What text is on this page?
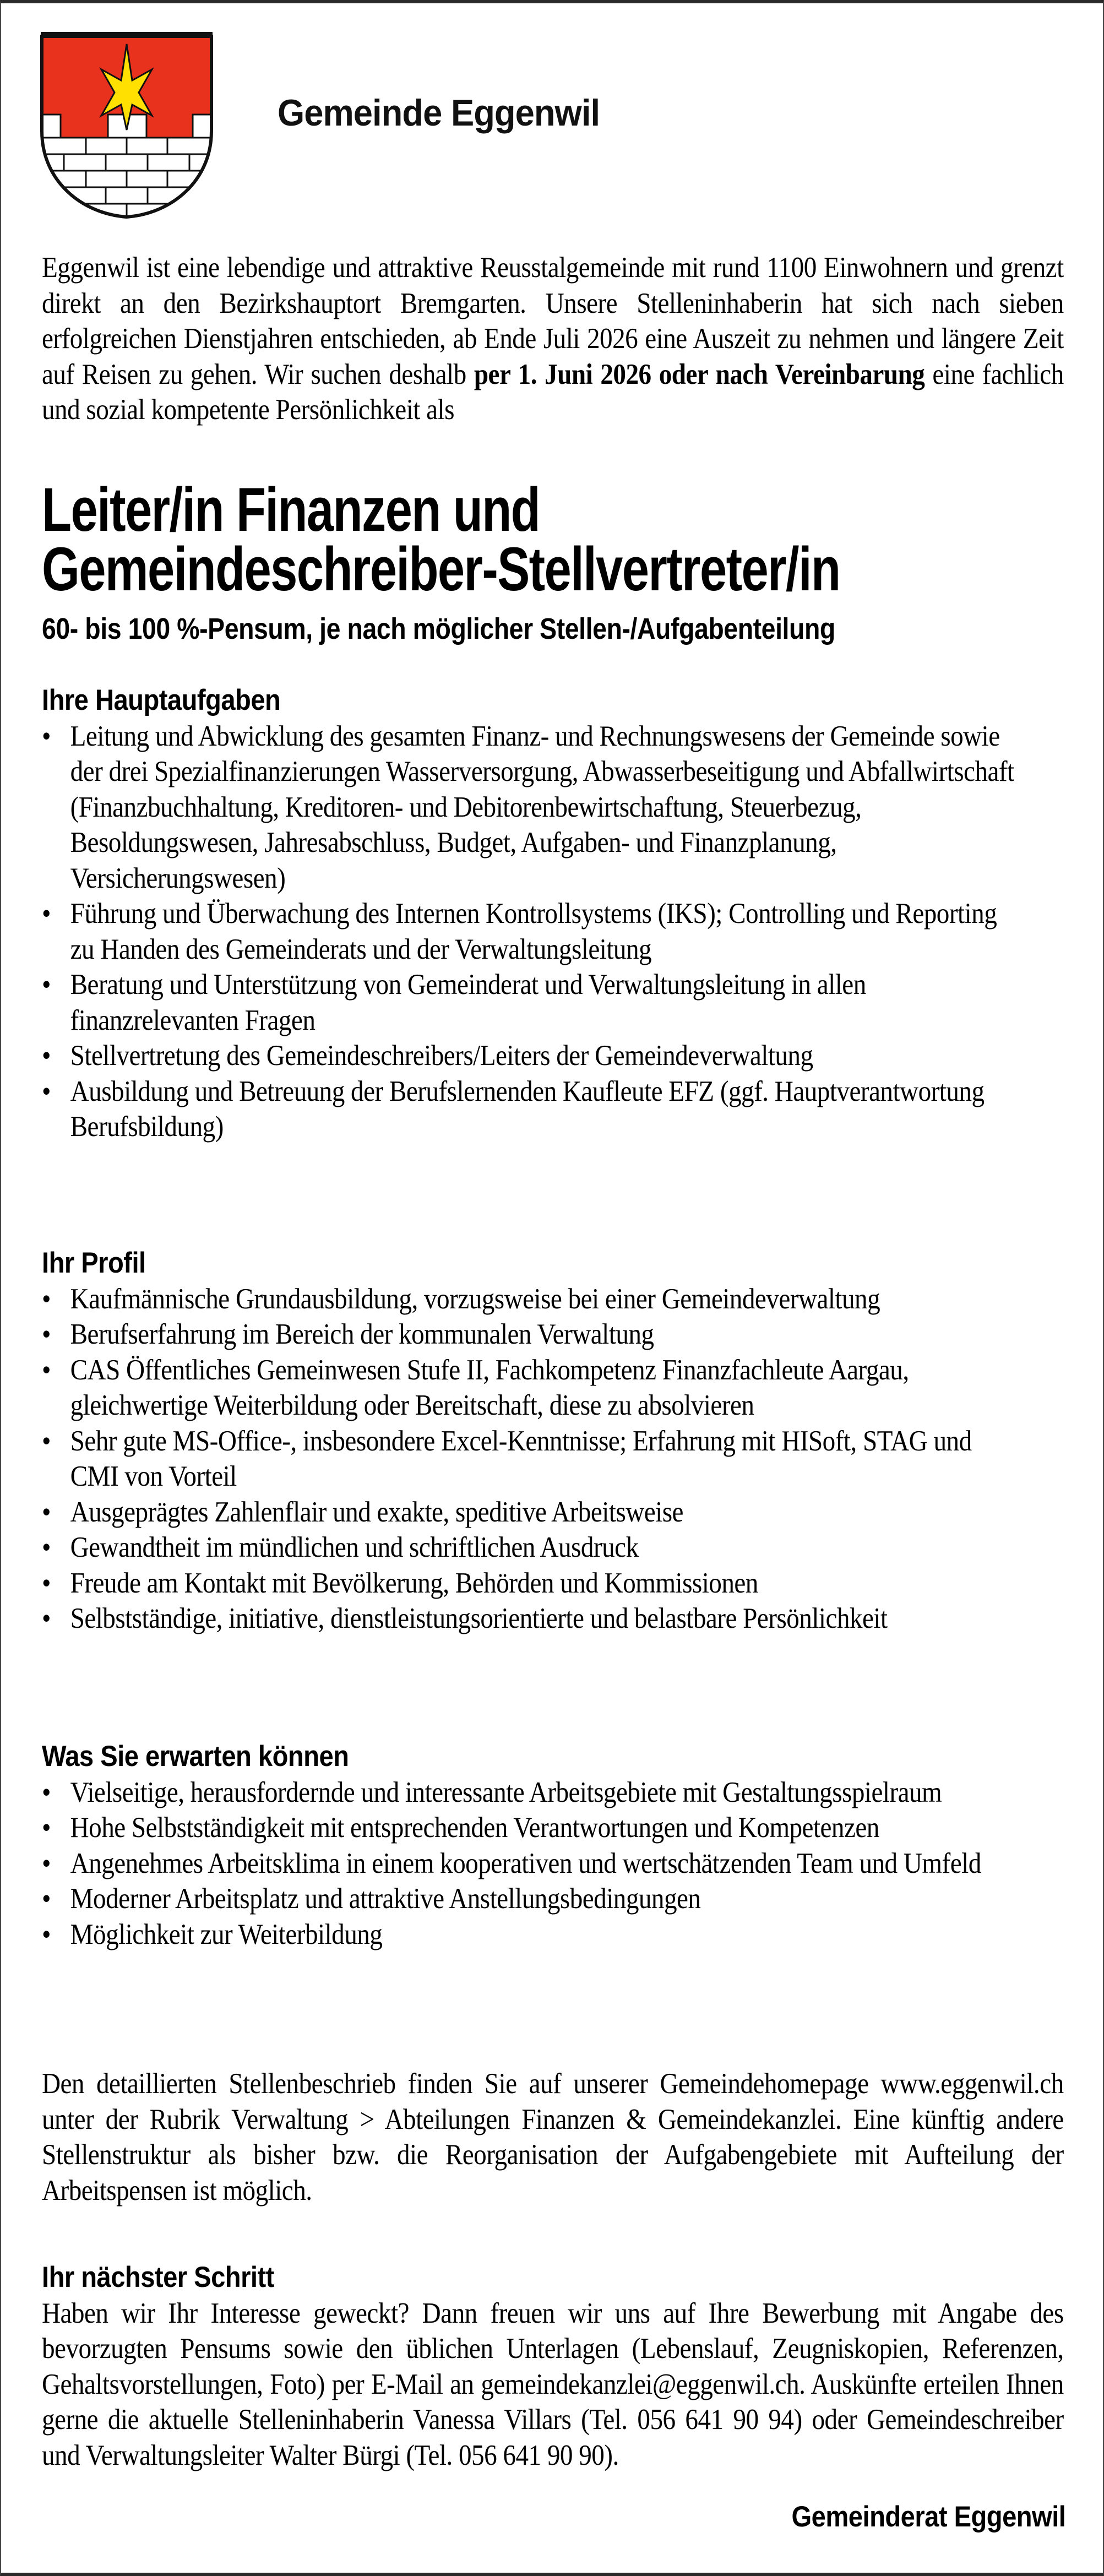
Gemeinde Eggenwil
Eggenwil ist eine lebendige und attraktive Reusstalgemeinde mit rund 1100 Einwohnern und grenzt direkt an den Bezirkshauptort Bremgarten. Unsere Stelleninhaberin hat sich nach sieben erfolgreichen Dienstjahren entschieden, ab Ende Juli 2026 eine Auszeit zu nehmen und längere Zeit auf Reisen zu gehen. Wir suchen deshalb per 1. Juni 2026 oder nach Vereinbarung eine fachlich und sozial kompetente Persönlichkeit als
Leiter/in Finanzen und
Gemeindeschreiber-Stellvertreter/in
60- bis 100 %-Pensum, je nach möglicher Stellen-/Aufgabenteilung
Ihre Hauptaufgaben
• Leitung und Abwicklung des gesamten Finanz- und Rechnungswesens der Gemeinde sowie der drei Spezialfinanzierungen Wasserversorgung, Abwasserbeseitigung und Abfallwirtschaft (Finanzbuchhaltung, Kreditoren- und Debitorenbewirtschaftung, Steuerbezug, Besoldungswesen, Jahresabschluss, Budget, Aufgaben- und Finanzplanung, Versicherungswesen)
• Führung und Überwachung des Internen Kontrollsystems (IKS); Controlling und Reporting zu Handen des Gemeinderats und der Verwaltungsleitung
• Beratung und Unterstützung von Gemeinderat und Verwaltungsleitung in allen finanzrelevanten Fragen
• Stellvertretung des Gemeindeschreibers/Leiters der Gemeindeverwaltung
• Ausbildung und Betreuung der Berufslernenden Kaufleute EFZ (ggf. Hauptverantwortung Berufsbildung)
Ihr Profil
• Kaufmännische Grundausbildung, vorzugsweise bei einer Gemeindeverwaltung
• Berufserfahrung im Bereich der kommunalen Verwaltung
• CAS Öffentliches Gemeinwesen Stufe II, Fachkompetenz Finanzfachleute Aargau, gleichwertige Weiterbildung oder Bereitschaft, diese zu absolvieren
• Sehr gute MS-Office-, insbesondere Excel-Kenntnisse; Erfahrung mit HISoft, STAG und CMI von Vorteil
• Ausgeprägtes Zahlenflair und exakte, speditive Arbeitsweise
• Gewandtheit im mündlichen und schriftlichen Ausdruck
• Freude am Kontakt mit Bevölkerung, Behörden und Kommissionen
• Selbstständige, initiative, dienstleistungsorientierte und belastbare Persönlichkeit
Was Sie erwarten können
• Vielseitige, herausfordernde und interessante Arbeitsgebiete mit Gestaltungsspielraum
• Hohe Selbstständigkeit mit entsprechenden Verantwortungen und Kompetenzen
• Angenehmes Arbeitsklima in einem kooperativen und wertschätzenden Team und Umfeld
• Moderner Arbeitsplatz und attraktive Anstellungsbedingungen
• Möglichkeit zur Weiterbildung

Den detaillierten Stellenbeschrieb finden Sie auf unserer Gemeindehomepage www.eggenwil.ch unter der Rubrik Verwaltung > Abteilungen Finanzen & Gemeindekanzlei. Eine künftig andere Stellenstruktur als bisher bzw. die Reorganisation der Aufgabengebiete mit Aufteilung der Arbeitspensen ist möglich.

Ihr nächster Schritt

Haben wir Ihr Interesse geweckt? Dann freuen wir uns auf Ihre Bewerbung mit Angabe des bevorzugten Pensums sowie den üblichen Unterlagen (Lebenslauf, Zeugniskopien, Referenzen, Gehaltsvorstellungen, Foto) per E-Mail an gemeindekanzlei@eggenwil.ch. Auskünfte erteilen Ihnen gerne die aktuelle Stelleninhaberin Vanessa Villars (Tel. 056 641 90 94) oder Gemeindeschreiber und Verwaltungsleiter Walter Bürgi (Tel. 056 641 90 90).

Gemeinderat Eggenwil
